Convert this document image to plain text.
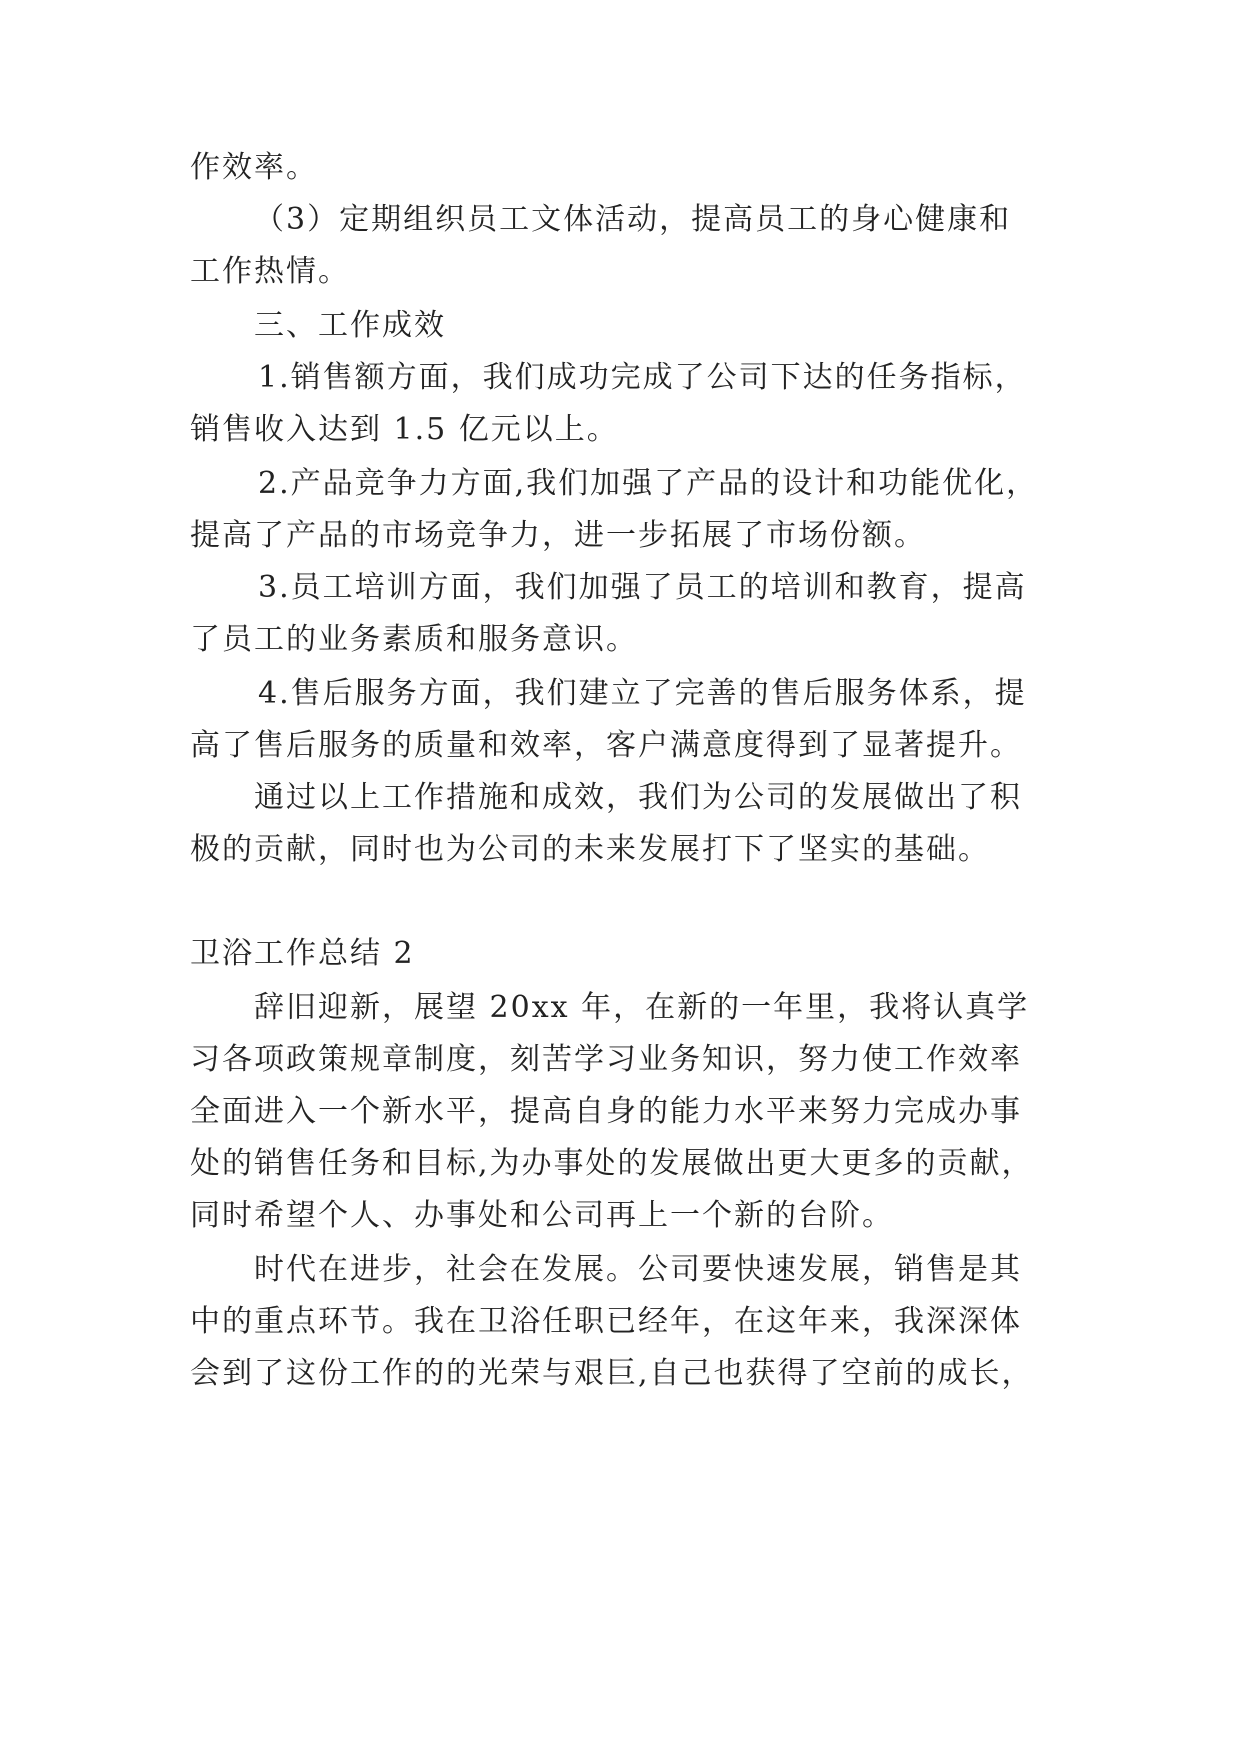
作效率。

（3）定期组织员工文体活动，提高员工的身心健康和

工作热情。

三、工作成效

1.销售额方面，我们成功完成了公司下达的任务指标，

销售收入达到 1.5 亿元以上。

2.产品竞争力方面,我们加强了产品的设计和功能优化，

提高了产品的市场竞争力，进一步拓展了市场份额。

3.员工培训方面，我们加强了员工的培训和教育，提高

了员工的业务素质和服务意识。

4.售后服务方面，我们建立了完善的售后服务体系，提

高了售后服务的质量和效率，客户满意度得到了显著提升。

通过以上工作措施和成效，我们为公司的发展做出了积

极的贡献，同时也为公司的未来发展打下了坚实的基础。

卫浴工作总结 2

辞旧迎新，展望 20xx 年，在新的一年里，我将认真学

习各项政策规章制度，刻苦学习业务知识，努力使工作效率

全面进入一个新水平，提高自身的能力水平来努力完成办事

处的销售任务和目标,为办事处的发展做出更大更多的贡献，

同时希望个人、办事处和公司再上一个新的台阶。

时代在进步，社会在发展。公司要快速发展，销售是其

中的重点环节。我在卫浴任职已经年，在这年来，我深深体

会到了这份工作的的光荣与艰巨,自己也获得了空前的成长，
